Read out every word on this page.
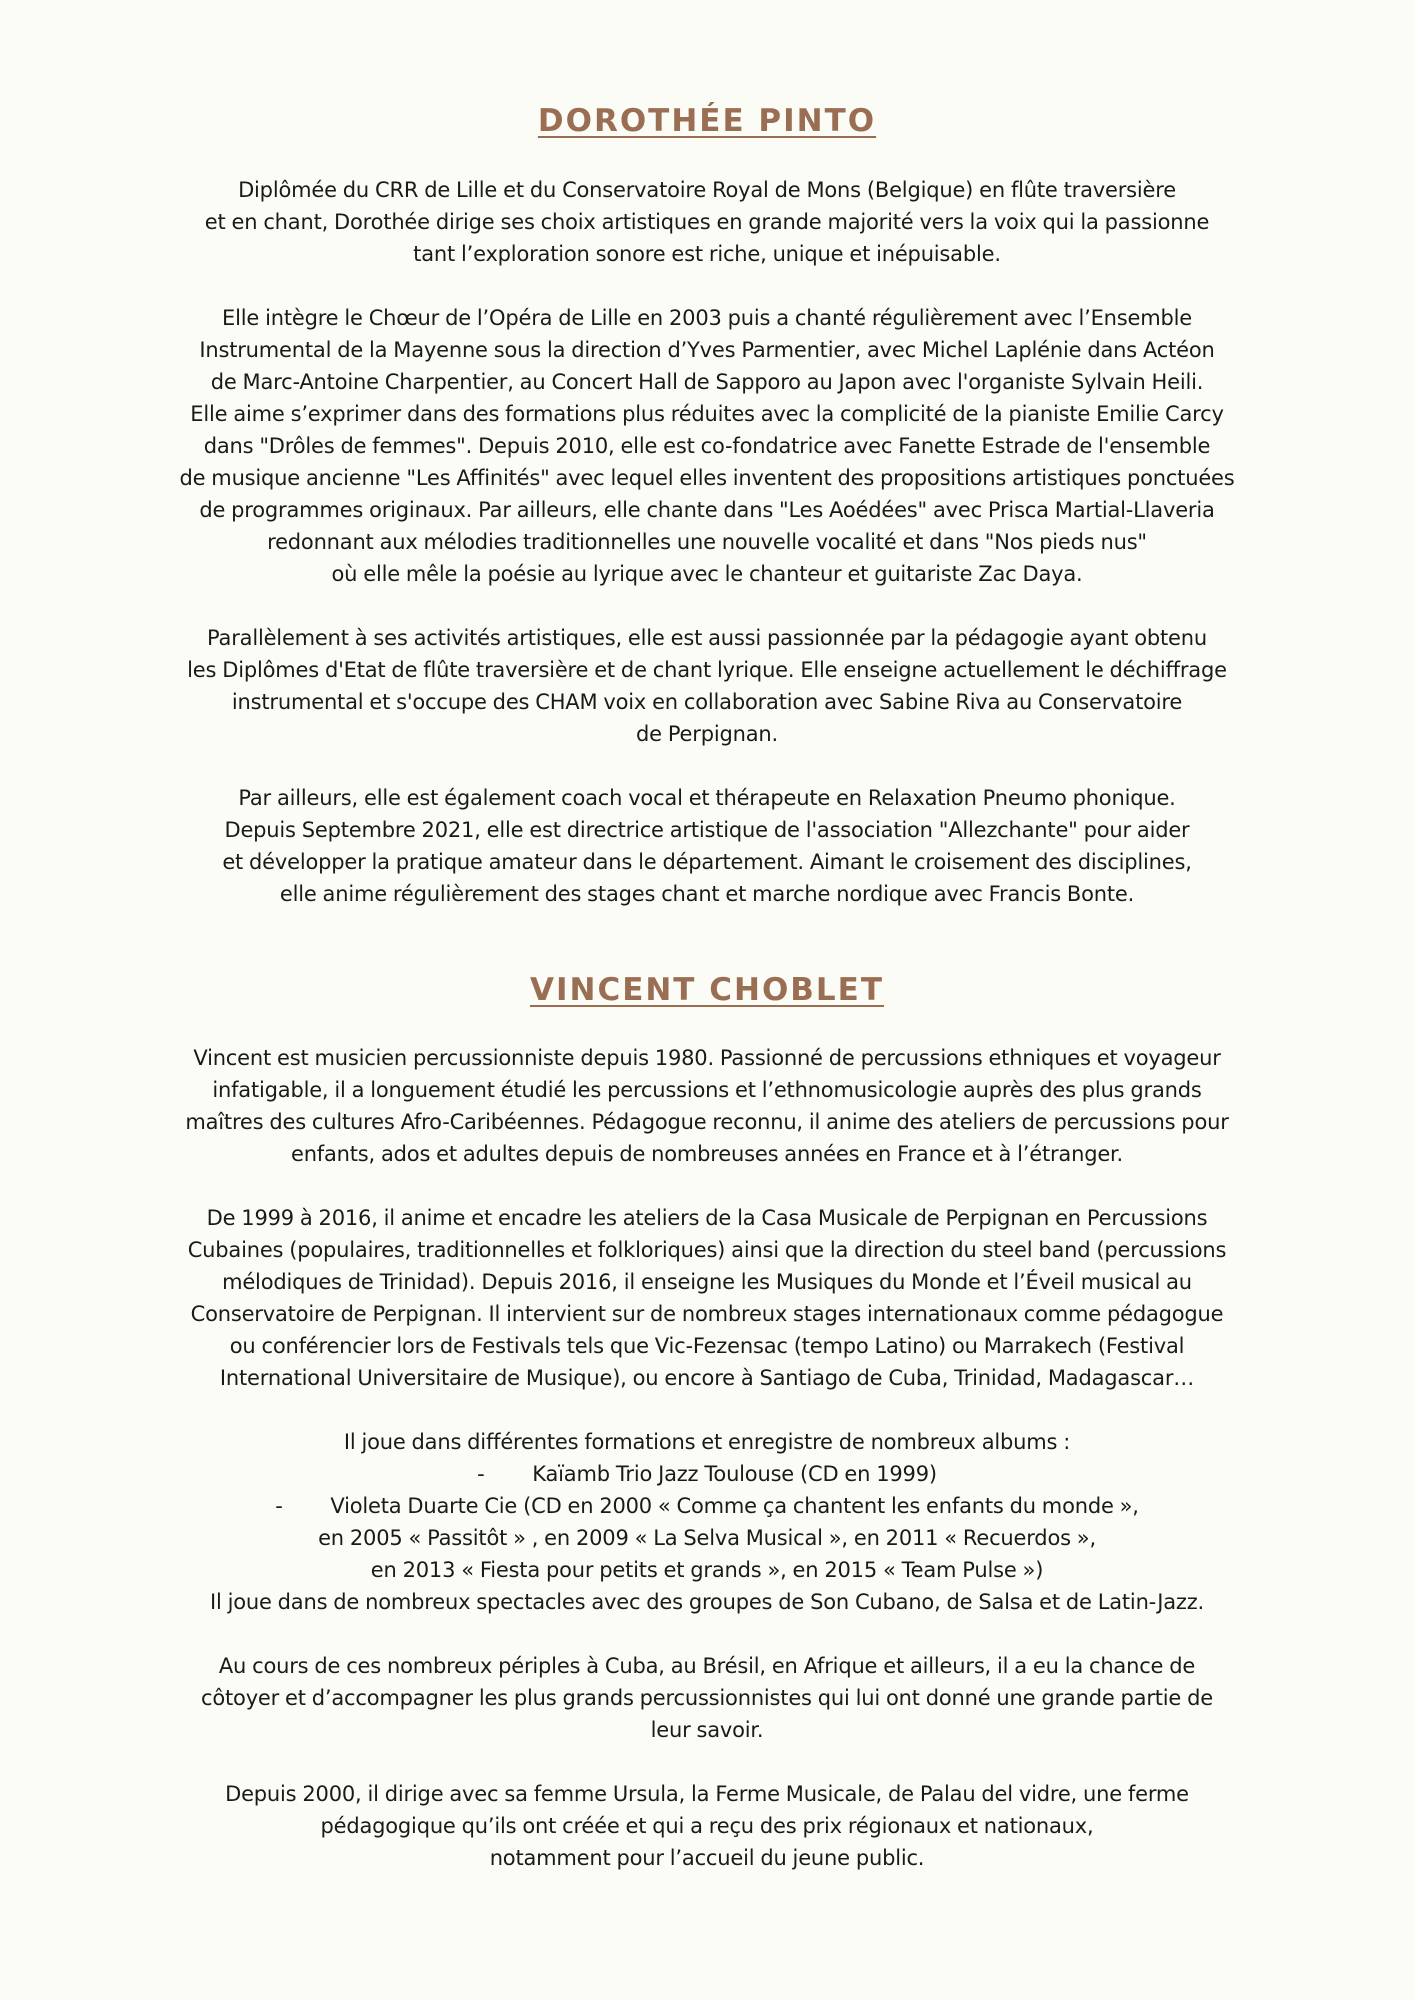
DOROTHÉE PINTO
Diplômée du CRR de Lille et du Conservatoire Royal de Mons (Belgique) en flûte traversière
et en chant, Dorothée dirige ses choix artistiques en grande majorité vers la voix qui la passionne
tant l’exploration sonore est riche, unique et inépuisable.
Elle intègre le Chœur de l’Opéra de Lille en 2003 puis a chanté régulièrement avec l’Ensemble
Instrumental de la Mayenne sous la direction d’Yves Parmentier, avec Michel Laplénie dans Actéon
de Marc-Antoine Charpentier, au Concert Hall de Sapporo au Japon avec l'organiste Sylvain Heili.
Elle aime s’exprimer dans des formations plus réduites avec la complicité de la pianiste Emilie Carcy
dans "Drôles de femmes". Depuis 2010, elle est co-fondatrice avec Fanette Estrade de l'ensemble
de musique ancienne "Les Affinités" avec lequel elles inventent des propositions artistiques ponctuées
de programmes originaux. Par ailleurs, elle chante dans "Les Aoédées" avec Prisca Martial-Llaveria
redonnant aux mélodies traditionnelles une nouvelle vocalité et dans "Nos pieds nus"
où elle mêle la poésie au lyrique avec le chanteur et guitariste Zac Daya.
Parallèlement à ses activités artistiques, elle est aussi passionnée par la pédagogie ayant obtenu
les Diplômes d'Etat de flûte traversière et de chant lyrique. Elle enseigne actuellement le déchiffrage
instrumental et s'occupe des CHAM voix en collaboration avec Sabine Riva au Conservatoire
de Perpignan.
Par ailleurs, elle est également coach vocal et thérapeute en Relaxation Pneumo phonique.
Depuis Septembre 2021, elle est directrice artistique de l'association "Allezchante" pour aider
et développer la pratique amateur dans le département. Aimant le croisement des disciplines,
elle anime régulièrement des stages chant et marche nordique avec Francis Bonte.
VINCENT CHOBLET
Vincent est musicien percussionniste depuis 1980. Passionné de percussions ethniques et voyageur
infatigable, il a longuement étudié les percussions et l’ethnomusicologie auprès des plus grands
maîtres des cultures Afro-Caribéennes. Pédagogue reconnu, il anime des ateliers de percussions pour
enfants, ados et adultes depuis de nombreuses années en France et à l’étranger.
De 1999 à 2016, il anime et encadre les ateliers de la Casa Musicale de Perpignan en Percussions
Cubaines (populaires, traditionnelles et folkloriques) ainsi que la direction du steel band (percussions
mélodiques de Trinidad). Depuis 2016, il enseigne les Musiques du Monde et l’Éveil musical au
Conservatoire de Perpignan. Il intervient sur de nombreux stages internationaux comme pédagogue
ou conférencier lors de Festivals tels que Vic-Fezensac (tempo Latino) ou Marrakech (Festival
International Universitaire de Musique), ou encore à Santiago de Cuba, Trinidad, Madagascar…
Il joue dans différentes formations et enregistre de nombreux albums :
-        Kaïamb Trio Jazz Toulouse (CD en 1999)
-        Violeta Duarte Cie (CD en 2000 « Comme ça chantent les enfants du monde »,
en 2005 « Passitôt » , en 2009 « La Selva Musical », en 2011 « Recuerdos »,
en 2013 « Fiesta pour petits et grands », en 2015 « Team Pulse »)
Il joue dans de nombreux spectacles avec des groupes de Son Cubano, de Salsa et de Latin-Jazz.
Au cours de ces nombreux périples à Cuba, au Brésil, en Afrique et ailleurs, il a eu la chance de
côtoyer et d’accompagner les plus grands percussionnistes qui lui ont donné une grande partie de
leur savoir.
Depuis 2000, il dirige avec sa femme Ursula, la Ferme Musicale, de Palau del vidre, une ferme
pédagogique qu’ils ont créée et qui a reçu des prix régionaux et nationaux,
notamment pour l’accueil du jeune public.
